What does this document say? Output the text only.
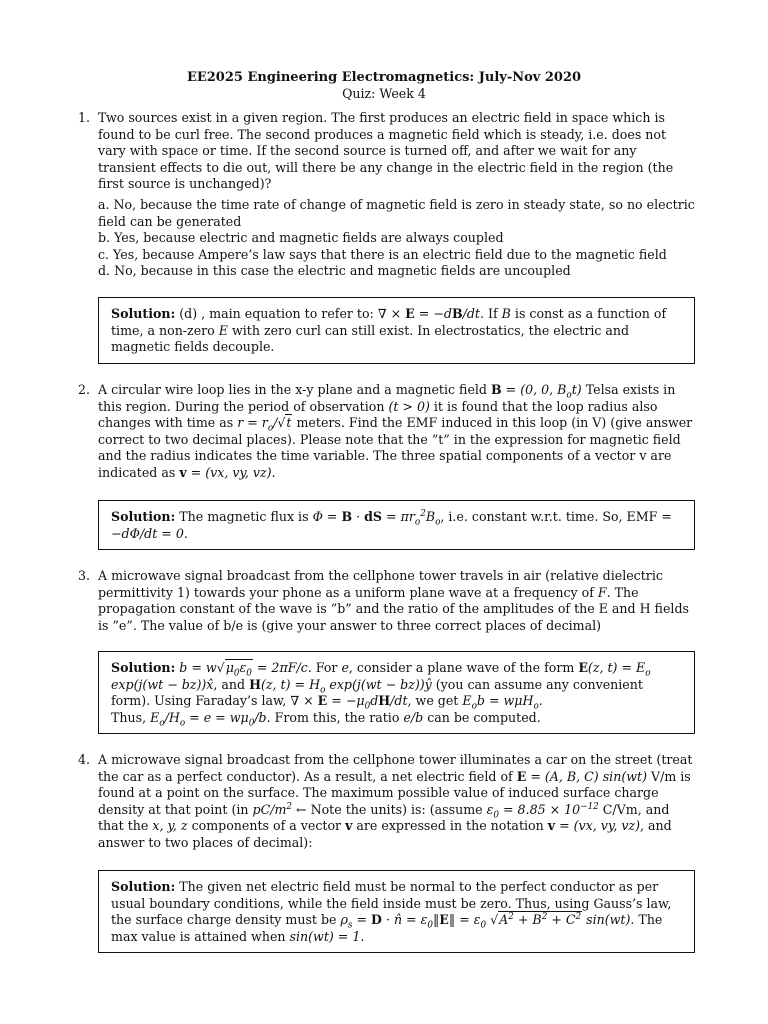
EE2025 Engineering Electromagnetics: July-Nov 2020
Quiz: Week 4
1. Two sources exist in a given region. The first produces an electric field in space which is found to be curl free. The second produces a magnetic field which is steady, i.e. does not vary with space or time. If the second source is turned off, and after we wait for any transient effects to die out, will there be any change in the electric field in the region (the first source is unchanged)?

a. No, because the time rate of change of magnetic field is zero in steady state, so no electric field can be generated
b. Yes, because electric and magnetic fields are always coupled
c. Yes, because Ampere’s law says that there is an electric field due to the magnetic field
d. No, because in this case the electric and magnetic fields are uncoupled

Solution: (d) , main equation to refer to: ∇ × E = −dB/dt. If B is const as a function of time, a non-zero E with zero curl can still exist. In electrostatics, the electric and magnetic fields decouple.

2. A circular wire loop lies in the x-y plane and a magnetic field B = (0, 0, $B_ot$) Telsa exists in this region. During the period of observation (t > 0) it is found that the loop radius also changes with time as $r = r_o/√t$ meters. Find the EMF induced in this loop (in V) (give answer correct to two decimal places). Please note that the ”t” in the expression for magnetic field and the radius indicates the time variable. The three spatial components of a vector v are indicated as v = (vx, vy, vz).

Solution: The magnetic flux is Φ = B · dS = $\pi r_o^2B_o$, i.e. constant w.r.t. time. So, EMF = −dΦ/dt = 0.

3. A microwave signal broadcast from the cellphone tower travels in air (relative dielectric permittivity 1) towards your phone as a uniform plane wave at a frequency of F. The propagation constant of the wave is ”b” and the ratio of the amplitudes of the E and H fields is ”e”. The value of b/e is (give your answer to three correct places of decimal)

Solution: $b = w√\mu_0\varepsilon_0 = 2\pi F/c$. For e, consider a plane wave of the form E(z, $t) = E_o$ exp(j(wt − bz))x̂, and H(z, $t) = H_o$ exp(j(wt − bz))ŷ (you can assume any convenient form). Using Faraday’s law, ∇ × $E = -\mu_0dH/dt$, we get $E_ob = w\mu H_o$.

Thus, $E_o/H_o = e = w\mu_0/b$. From this, the ratio e/b can be computed.

4. A microwave signal broadcast from the cellphone tower illuminates a car on the street (treat the car as a perfect conductor). As a result, a net electric field of E = (A, B, C) sin(wt) V/m is found at a point on the surface. The maximum possible value of induced surface charge density at that point (in $pC/m^2$ ← Note the units) is: (assume $\varepsilon_0 = 8.85 \times 10^{-12}$ C/Vm, and that the x, y, z components of a vector v are expressed in the notation v = (vx, vy, vz), and answer to two places of decimal):

Solution: The given net electric field must be normal to the perfect conductor as per usual boundary conditions, while the field inside must be zero. Thus, using Gauss’s law, the surface charge density must be $\rho_s = D$ · n̂ = $\varepsilon_0‖E‖ = \varepsilon_0$ $√A^2 + B^2 + C^2$ sin(wt). The max value is attained when sin(wt) = 1.
